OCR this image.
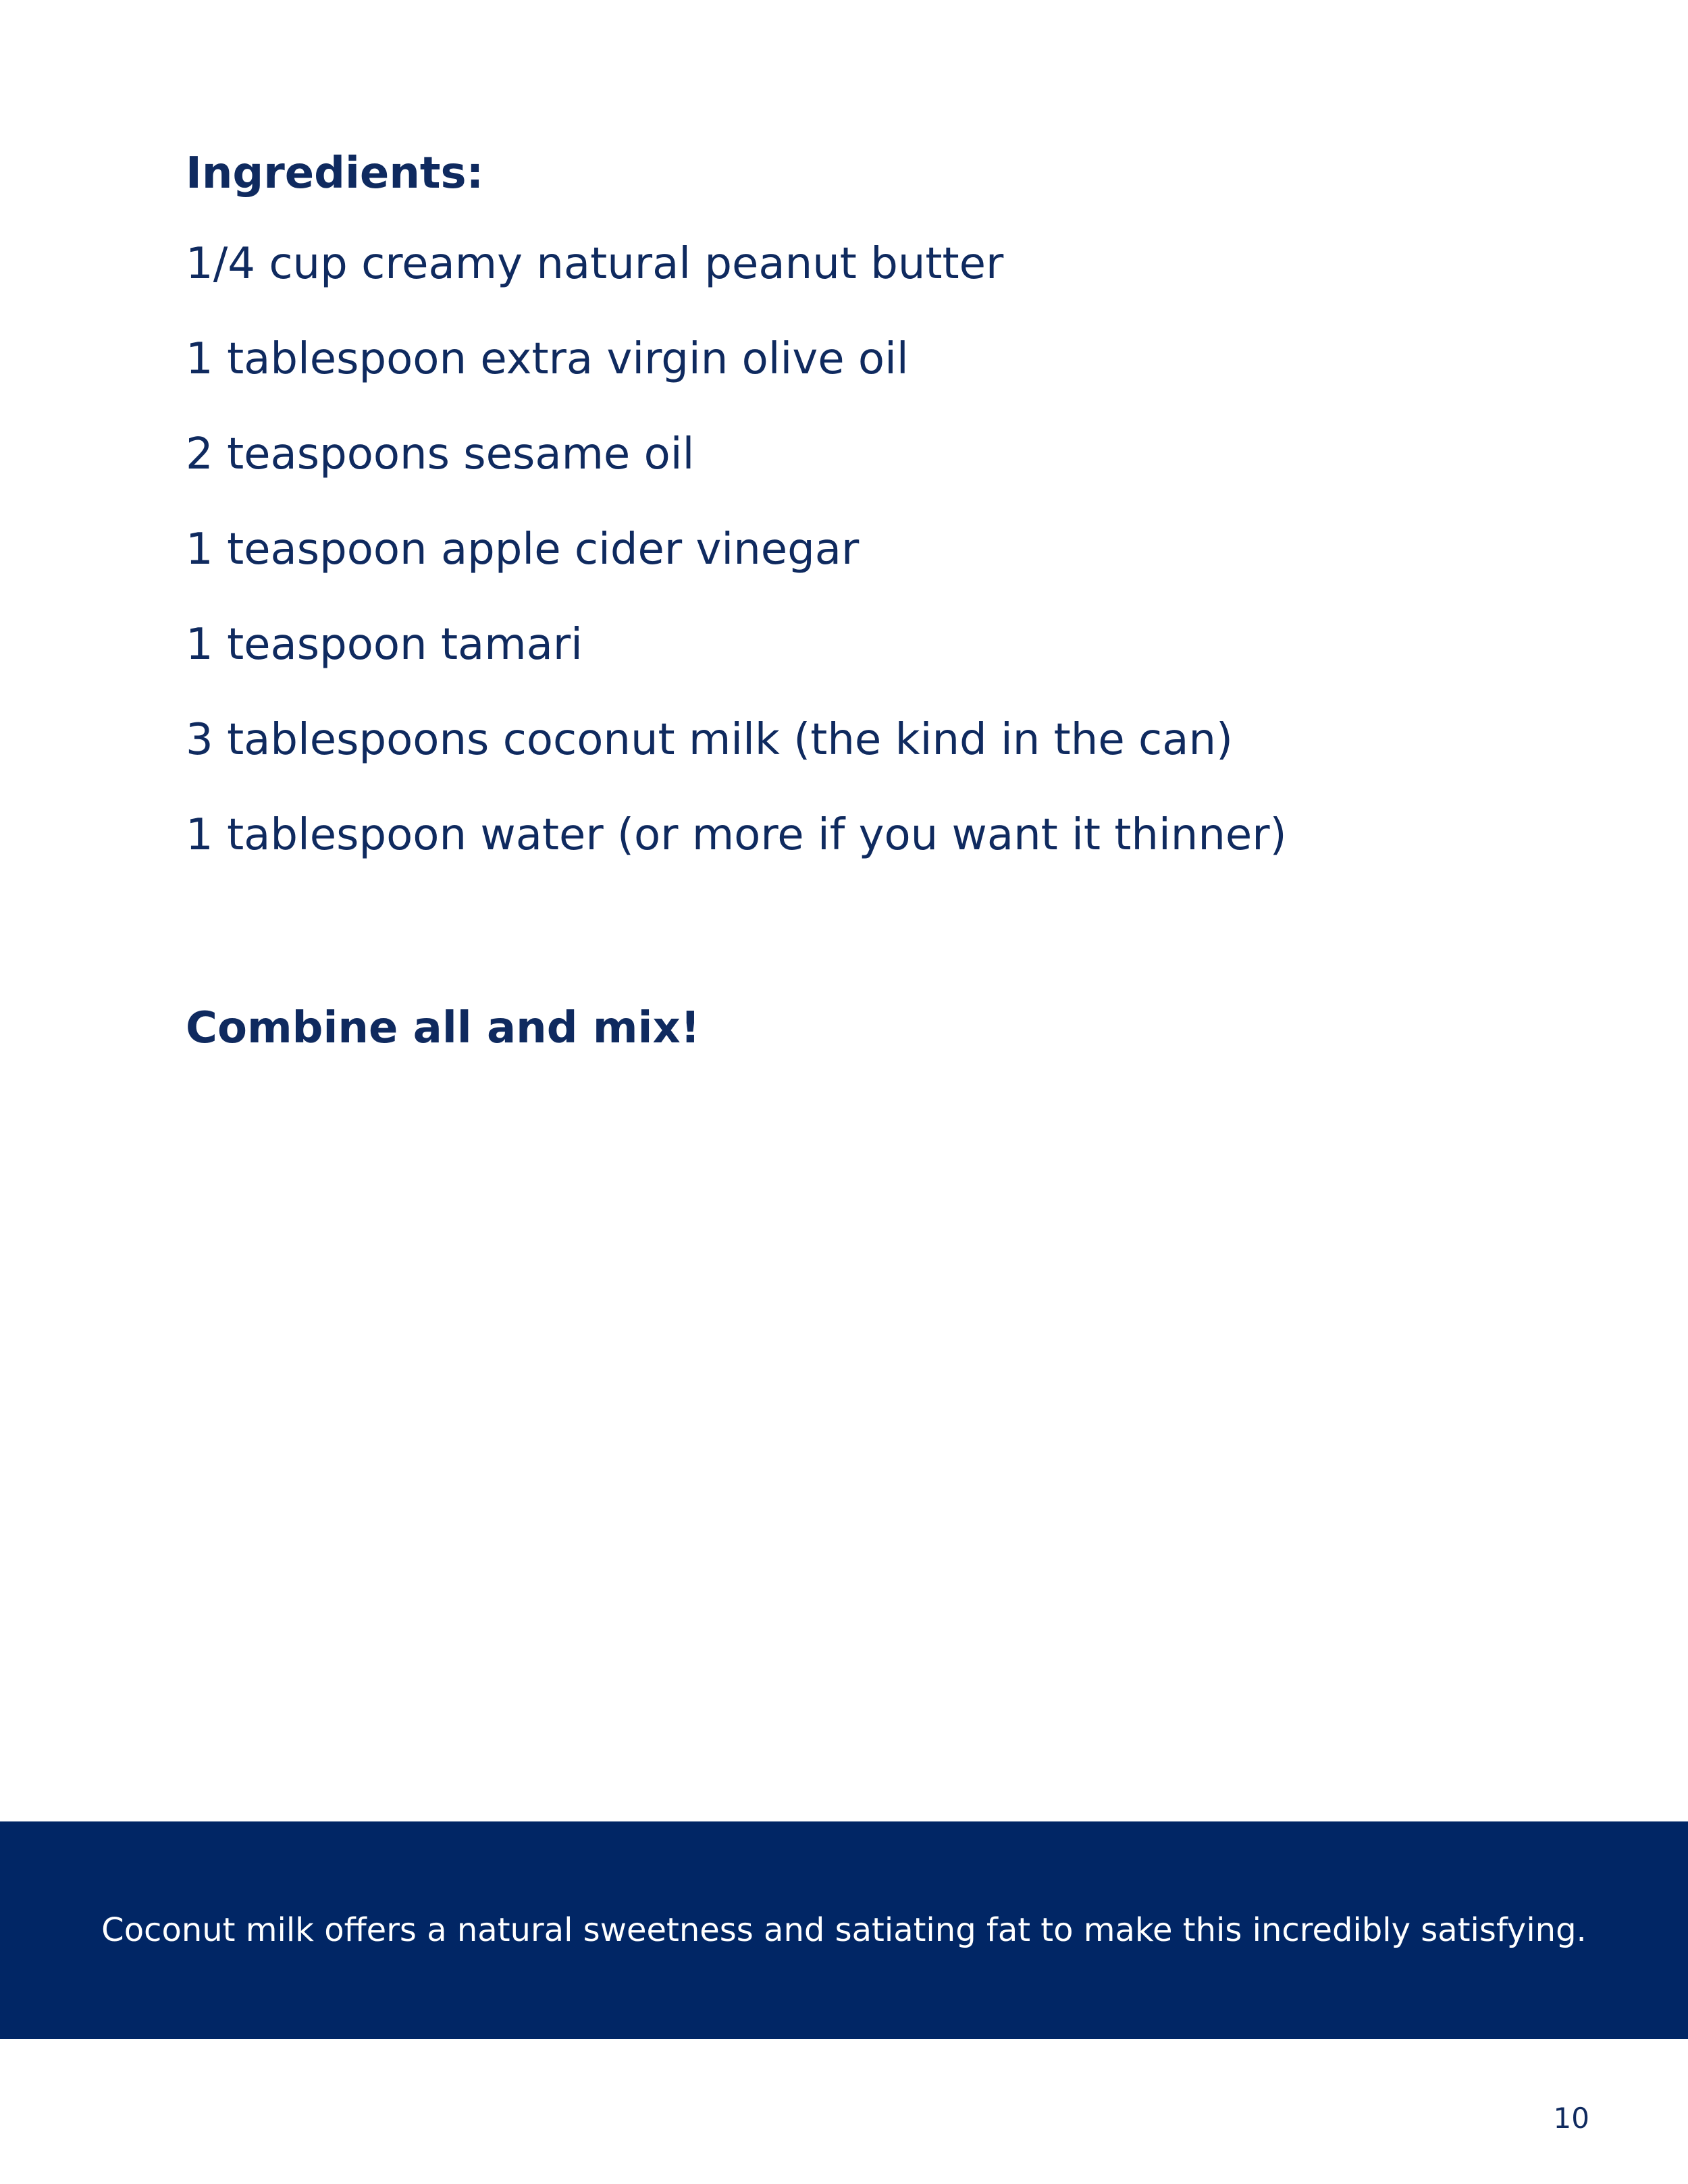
Ingredients:
1/4 cup creamy natural peanut butter
1 tablespoon extra virgin olive oil
2 teaspoons sesame oil
1 teaspoon apple cider vinegar
1 teaspoon tamari
3 tablespoons coconut milk (the kind in the can)
1 tablespoon water (or more if you want it thinner)

Combine all and mix!

Coconut milk offers a natural sweetness and satiating fat to make this incredibly satisfying.
10
